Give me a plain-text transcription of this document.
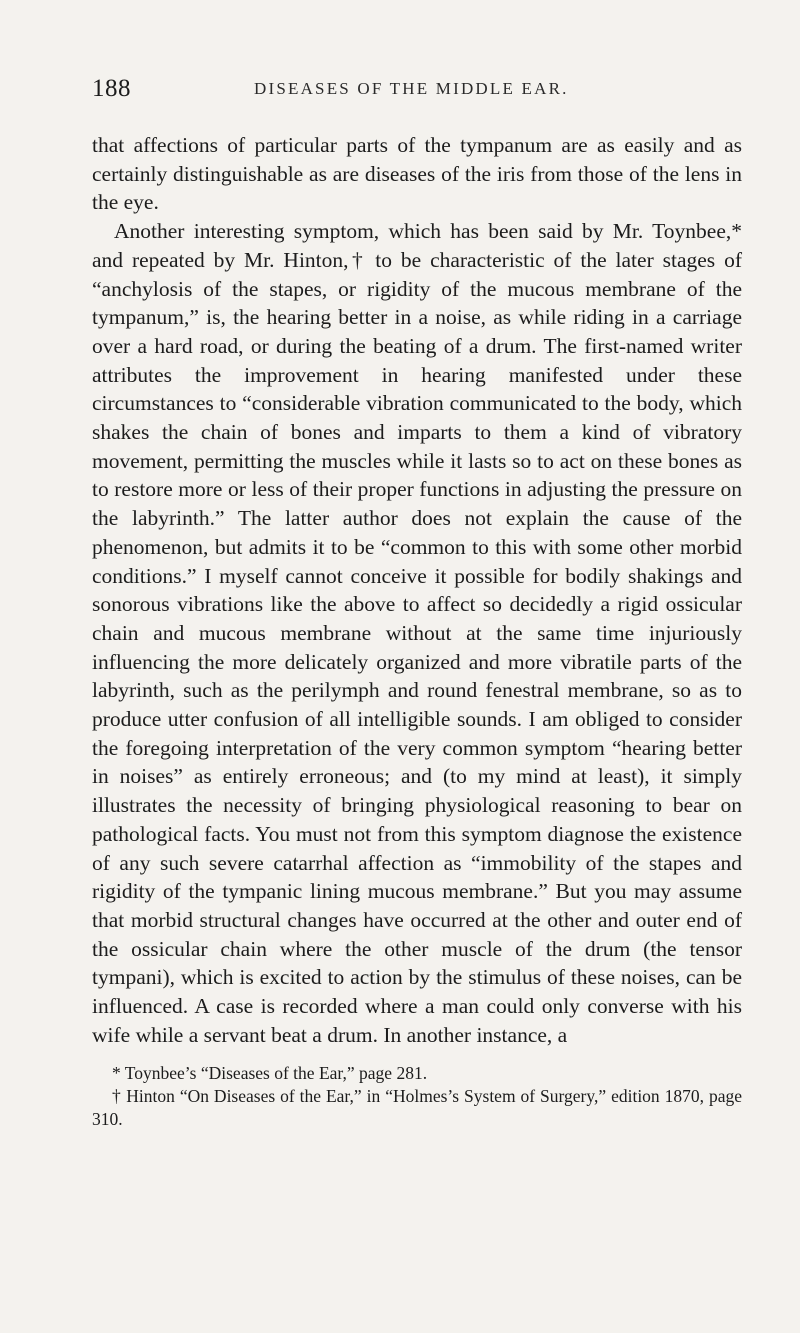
188	DISEASES OF THE MIDDLE EAR.

that affections of particular parts of the tympanum are as easily and as certainly distinguishable as are diseases of the iris from those of the lens in the eye.

Another interesting symptom, which has been said by Mr. Toynbee,* and repeated by Mr. Hinton,† to be characteristic of the later stages of “anchylosis of the stapes, or rigidity of the mucous membrane of the tympanum,” is, the hearing better in a noise, as while riding in a carriage over a hard road, or during the beating of a drum. The first-named writer attributes the improvement in hearing manifested under these circumstances to “considerable vibration communicated to the body, which shakes the chain of bones and imparts to them a kind of vibratory movement, permitting the muscles while it lasts so to act on these bones as to restore more or less of their proper functions in adjusting the pressure on the labyrinth.” The latter author does not explain the cause of the phenomenon, but admits it to be “common to this with some other morbid conditions.” I myself cannot conceive it possible for bodily shakings and sonorous vibrations like the above to affect so decidedly a rigid ossicular chain and mucous membrane without at the same time injuriously influencing the more delicately organized and more vibratile parts of the labyrinth, such as the perilymph and round fenestral membrane, so as to produce utter confusion of all intelligible sounds. I am obliged to consider the foregoing interpretation of the very common symptom “hearing better in noises” as entirely erroneous; and (to my mind at least), it simply illustrates the necessity of bringing physiological reasoning to bear on pathological facts. You must not from this symptom diagnose the existence of any such severe catarrhal affection as “immobility of the stapes and rigidity of the tympanic lining mucous membrane.” But you may assume that morbid structural changes have occurred at the other and outer end of the ossicular chain where the other muscle of the drum (the tensor tympani), which is excited to action by the stimulus of these noises, can be influenced. A case is recorded where a man could only converse with his wife while a servant beat a drum. In another instance, a

* Toynbee’s “Diseases of the Ear,” page 281.

† Hinton “On Diseases of the Ear,” in “Holmes’s System of Surgery,” edition 1870, page 310.
